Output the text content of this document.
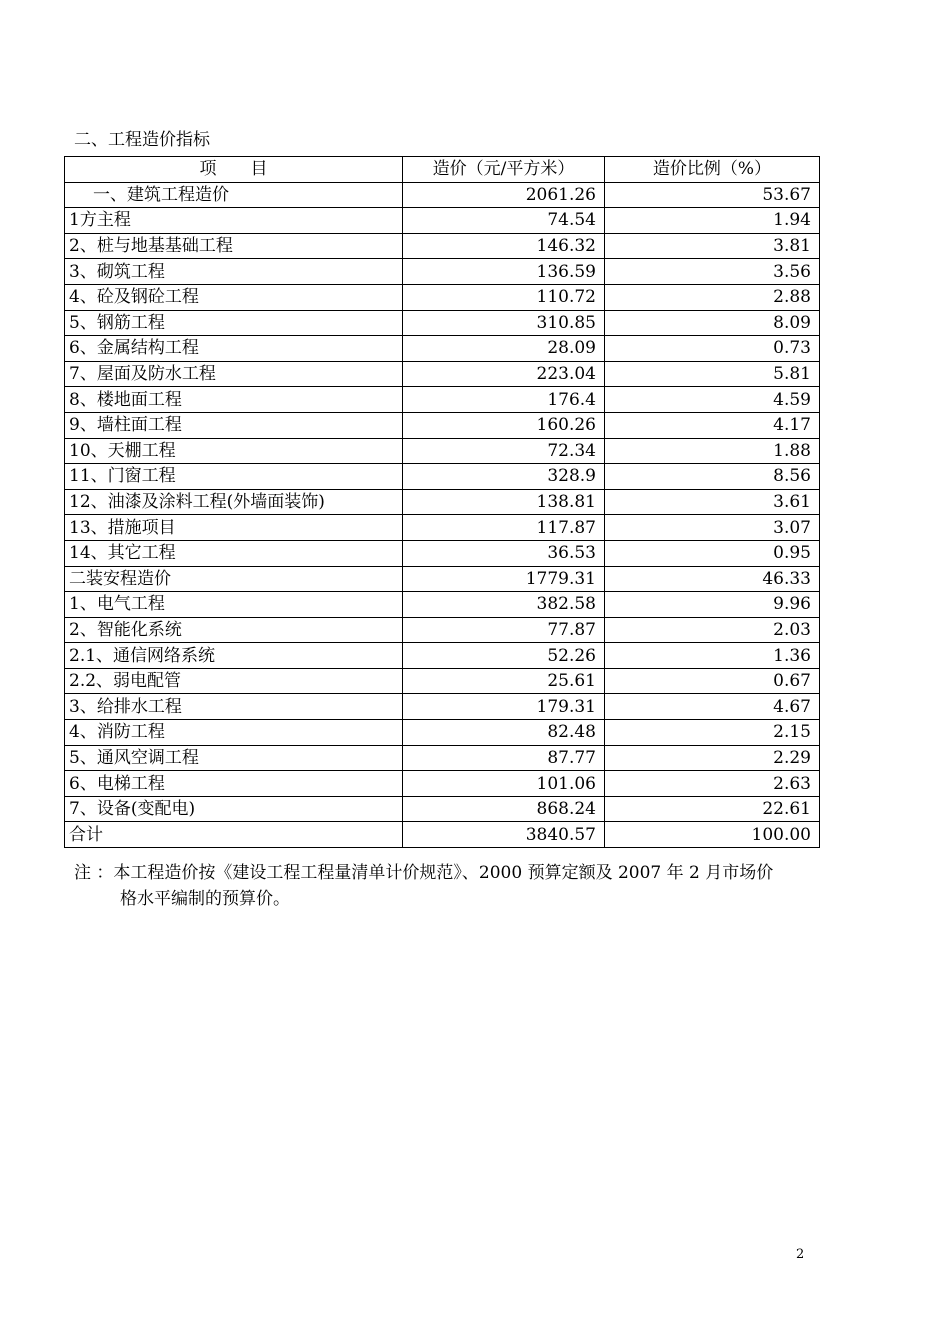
二、工程造价指标
项　　目	造价（元/平方米）	造价比例（%）
一、建筑工程造价	2061.26	53.67
1方主程	74.54	1.94
2、桩与地基基础工程	146.32	3.81
3、砌筑工程	136.59	3.56
4、砼及钢砼工程	110.72	2.88
5、钢筋工程	310.85	8.09
6、金属结构工程	28.09	0.73
7、屋面及防水工程	223.04	5.81
8、楼地面工程	176.4	4.59
9、墙柱面工程	160.26	4.17
10、天棚工程	72.34	1.88
11、门窗工程	328.9	8.56
12、油漆及涂料工程(外墙面装饰)	138.81	3.61
13、措施项目	117.87	3.07
14、其它工程	36.53	0.95
二装安程造价	1779.31	46.33
1、电气工程	382.58	9.96
2、智能化系统	77.87	2.03
2.1、通信网络系统	52.26	1.36
2.2、弱电配管	25.61	0.67
3、给排水工程	179.31	4.67
4、消防工程	82.48	2.15
5、通风空调工程	87.77	2.29
6、电梯工程	101.06	2.63
7、设备(变配电)	868.24	22.61
合计	3840.57	100.00
注 ：本工程造价按《建设工程工程量清单计价规范》、2000 预算定额及 2007 年 2 月市场价
格水平编制的预算价。
2
